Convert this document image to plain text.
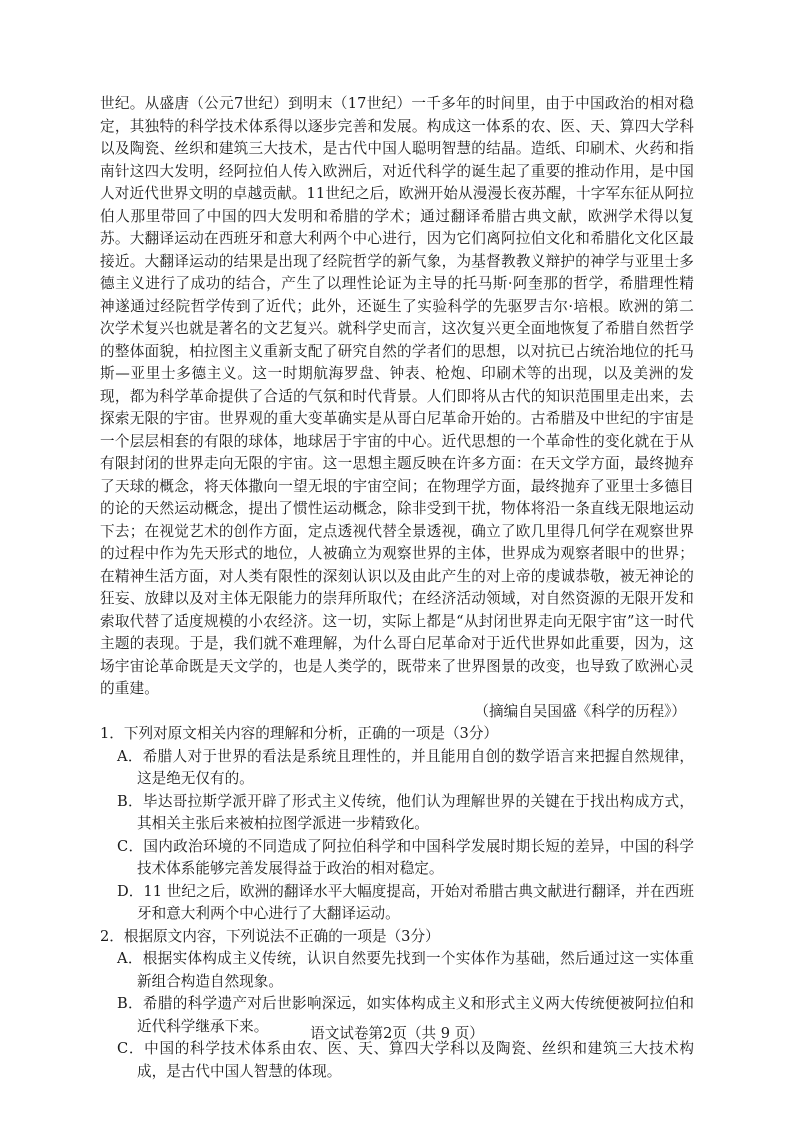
世纪。从盛唐（公元7世纪）到明末（17世纪）一千多年的时间里，由于中国政治的相对稳定，其独特的科学技术体系得以逐步完善和发展。构成这一体系的农、医、天、算四大学科以及陶瓷、丝织和建筑三大技术，是古代中国人聪明智慧的结晶。造纸、印刷术、火药和指南针这四大发明，经阿拉伯人传入欧洲后，对近代科学的诞生起了重要的推动作用，是中国人对近代世界文明的卓越贡献。11世纪之后，欧洲开始从漫漫长夜苏醒，十字军东征从阿拉伯人那里带回了中国的四大发明和希腊的学术；通过翻译希腊古典文献，欧洲学术得以复苏。大翻译运动在西班牙和意大利两个中心进行，因为它们离阿拉伯文化和希腊化文化区最接近。大翻译运动的结果是出现了经院哲学的新气象，为基督教教义辩护的神学与亚里士多德主义进行了成功的结合，产生了以理性论证为主导的托马斯·阿奎那的哲学，希腊理性精神遂通过经院哲学传到了近代；此外，还诞生了实验科学的先驱罗吉尔·培根。欧洲的第二次学术复兴也就是著名的文艺复兴。就科学史而言，这次复兴更全面地恢复了希腊自然哲学的整体面貌，柏拉图主义重新支配了研究自然的学者们的思想，以对抗已占统治地位的托马斯—亚里士多德主义。这一时期航海罗盘、钟表、枪炮、印刷术等的出现，以及美洲的发现，都为科学革命提供了合适的气氛和时代背景。人们即将从古代的知识范围里走出来，去探索无限的宇宙。世界观的重大变革确实是从哥白尼革命开始的。古希腊及中世纪的宇宙是一个层层相套的有限的球体，地球居于宇宙的中心。近代思想的一个革命性的变化就在于从有限封闭的世界走向无限的宇宙。这一思想主题反映在许多方面：在天文学方面，最终抛弃了天球的概念，将天体撒向一望无垠的宇宙空间；在物理学方面，最终抛弃了亚里士多德目的论的天然运动概念，提出了惯性运动概念，除非受到干扰，物体将沿一条直线无限地运动下去；在视觉艺术的创作方面，定点透视代替全景透视，确立了欧几里得几何学在观察世界的过程中作为先天形式的地位，人被确立为观察世界的主体，世界成为观察者眼中的世界；在精神生活方面，对人类有限性的深刻认识以及由此产生的对上帝的虔诚恭敬，被无神论的狂妄、放肆以及对主体无限能力的崇拜所取代；在经济活动领域，对自然资源的无限开发和索取代替了适度规模的小农经济。这一切，实际上都是“从封闭世界走向无限宇宙”这一时代主题的表现。于是，我们就不难理解，为什么哥白尼革命对于近代世界如此重要，因为，这场宇宙论革命既是天文学的，也是人类学的，既带来了世界图景的改变，也导致了欧洲心灵的重建。

（摘编自吴国盛《科学的历程》）

1．下列对原文相关内容的理解和分析，正确的一项是（3分）

A．希腊人对于世界的看法是系统且理性的，并且能用自创的数学语言来把握自然规律，这是绝无仅有的。

B．毕达哥拉斯学派开辟了形式主义传统，他们认为理解世界的关键在于找出构成方式，其相关主张后来被柏拉图学派进一步精致化。

C．国内政治环境的不同造成了阿拉伯科学和中国科学发展时期长短的差异，中国的科学技术体系能够完善发展得益于政治的相对稳定。

D．11 世纪之后，欧洲的翻译水平大幅度提高，开始对希腊古典文献进行翻译，并在西班牙和意大利两个中心进行了大翻译运动。

2．根据原文内容，下列说法不正确的一项是（3分）

A．根据实体构成主义传统，认识自然要先找到一个实体作为基础，然后通过这一实体重新组合构造自然现象。

B．希腊的科学遗产对后世影响深远，如实体构成主义和形式主义两大传统便被阿拉伯和近代科学继承下来。

C．中国的科学技术体系由农、医、天、算四大学科以及陶瓷、丝织和建筑三大技术构成，是古代中国人智慧的体现。

语文试卷第2页（共 9 页）
